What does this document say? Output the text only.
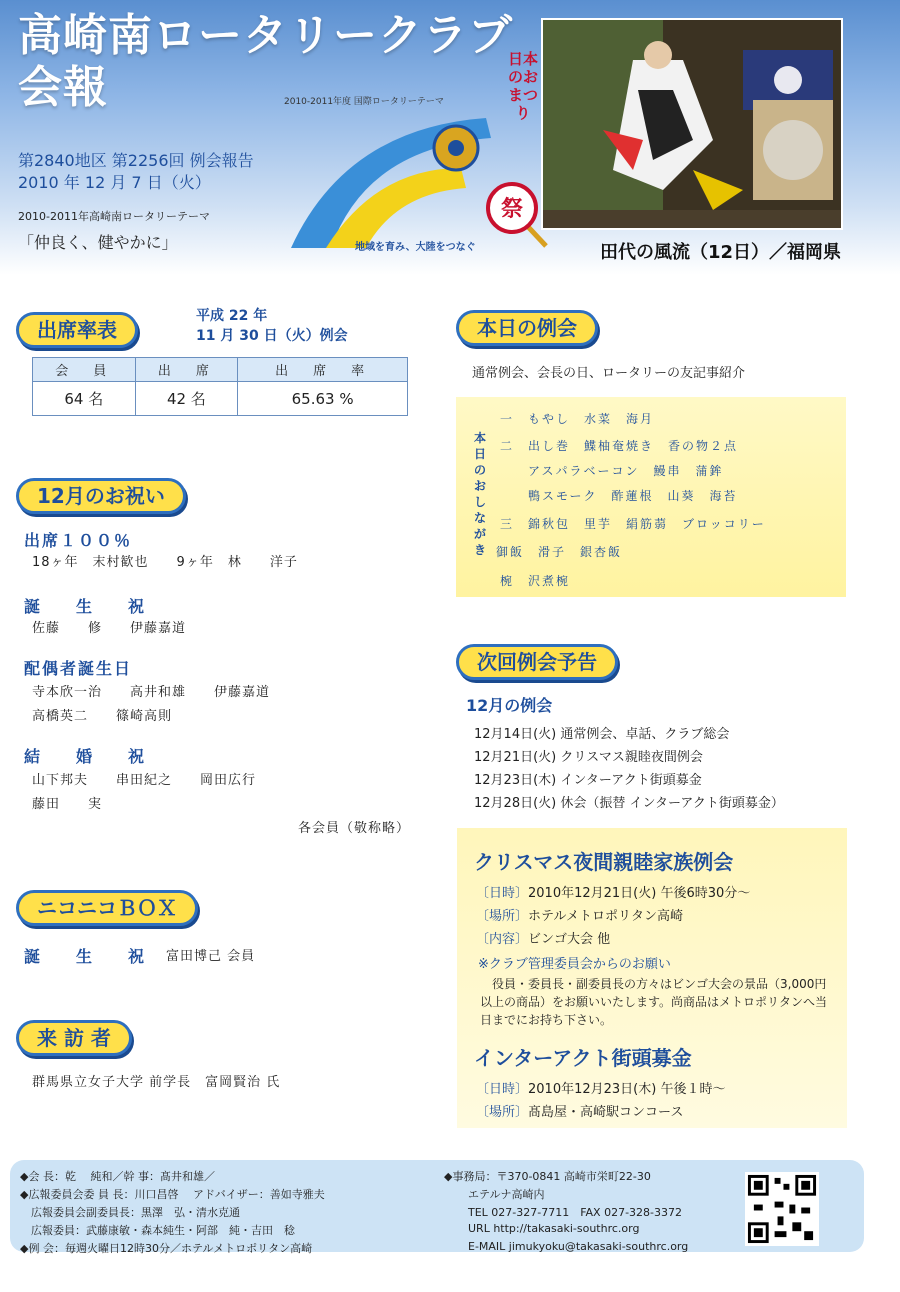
高崎南ロータリークラブ
会報
第2840地区 第2256回 例会報告
2010 年 12 月 7 日（火）
2010-2011年高崎南ロータリーテーマ
「仲良く、健やかに」
2010-2011年度 国際ロータリーテーマ
地域を育み、大陸をつなぐ
日本のおまつり
祭
田代の風流（12日）／福岡県
出席率表
平成 22 年
11 月 30 日（火）例会
会　員	出　席	出　席　率
64 名	42 名	65.63 %
12月のお祝い
出席１００％
18ヶ年　末村歓也　　9ヶ年　林　　洋子
誕　生　祝
佐藤　　修　　伊藤嘉道
配偶者誕生日
寺本欣一治　　高井和雄　　伊藤嘉道
高橋英二　　篠崎高則
結　婚　祝
山下邦夫　　串田紀之　　岡田広行
藤田　　実
各会員（敬称略）
ニコニコＢＯＸ
誕　生　祝 富田博己 会員
来 訪 者
群馬県立女子大学 前学長　富岡賢治 氏
本日の例会
通常例会、会長の日、ロータリーの友記事紹介
本日のおしながき
一　もやし　水菜　海月
二　出し巻　鰈柚奄焼き　香の物２点
　　アスパラベーコン　鰻串　蒲鉾
　　鴨スモーク　酢蓮根　山葵　海苔
三　錦秋包　里芋　絹筋蒻　ブロッコリー
御飯　滑子　銀杏飯
椀　沢煮椀
次回例会予告
12月の例会
12月14日(火) 通常例会、卓話、クラブ総会
12月21日(火) クリスマス親睦夜間例会
12月23日(木) インターアクト街頭募金
12月28日(火) 休会（振替 インターアクト街頭募金）
クリスマス夜間親睦家族例会
〔日時〕2010年12月21日(火) 午後6時30分～
〔場所〕ホテルメトロポリタン高崎
〔内容〕ビンゴ大会 他
※クラブ管理委員会からのお願い
役員・委員長・副委員長の方々はビンゴ大会の景品（3,000円以上の商品）をお願いいたします。尚商品はメトロポリタンへ当日までにお持ち下さい。
インターアクト街頭募金
〔日時〕2010年12月23日(木) 午後１時～
〔場所〕髙島屋・高崎駅コンコース
◆会 長：乾　 純和／幹 事：髙井和雄／
◆広報委員会委 員 長：川口昌啓　 アドバイザー：善如寺雅夫
　広報委員会副委員長：黒澤　弘・清水克通
　広報委員：武藤康敏・森本純生・阿部　純・吉田　稔
◆例 会：毎週火曜日12時30分／ホテルメトロポリタン高崎
◆事務局：〒370-0841 高崎市栄町22-30
エテルナ高崎内
TEL 027-327-7711　FAX 027-328-3372
URL http://takasaki-southrc.org
E-MAIL jimukyoku@takasaki-southrc.org
